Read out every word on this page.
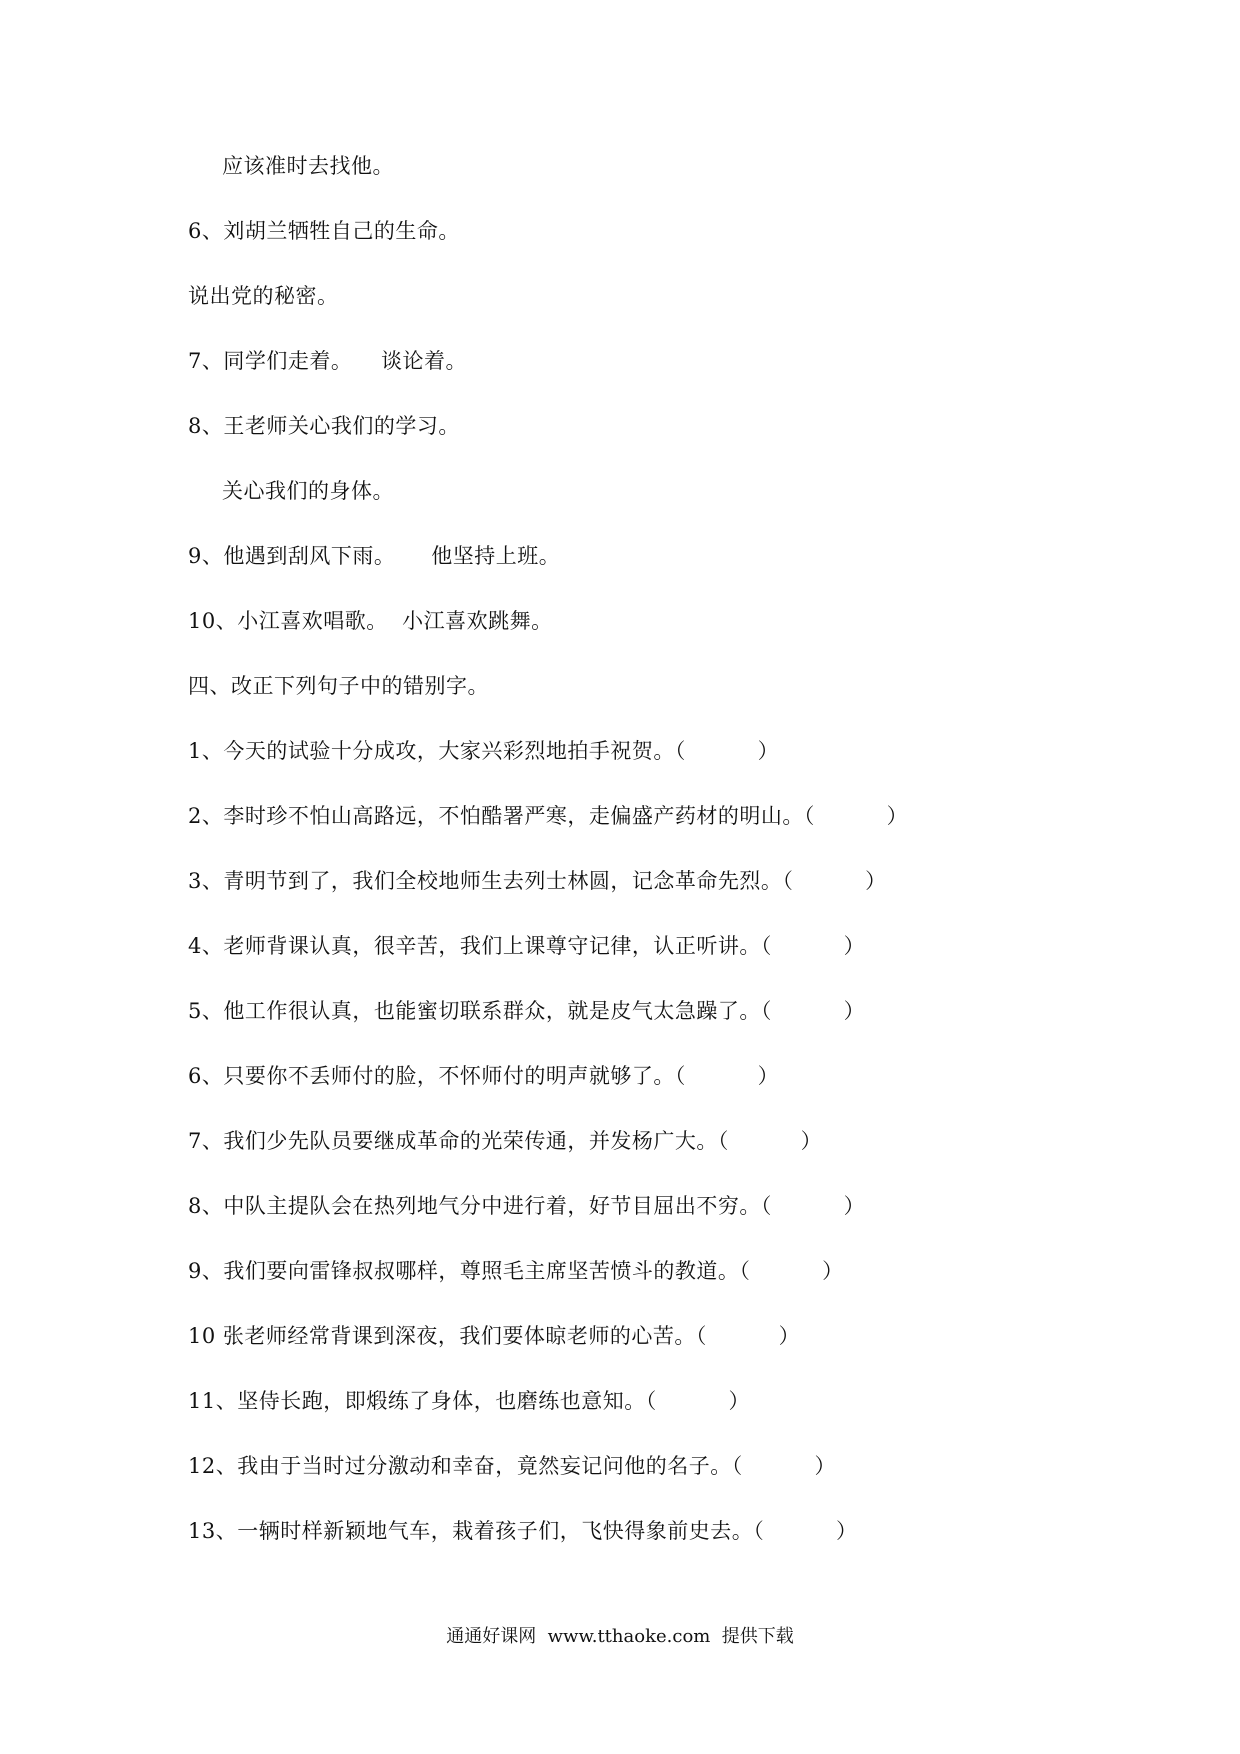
应该准时去找他。
6、刘胡兰牺牲自己的生命。
说出党的秘密。
7、同学们走着。    谈论着。
8、王老师关心我们的学习。
关心我们的身体。
9、他遇到刮风下雨。     他坚持上班。
10、小江喜欢唱歌。  小江喜欢跳舞。
四、改正下列句子中的错别字。
1、今天的试验十分成攻，大家兴彩烈地拍手祝贺。（          ）
2、李时珍不怕山高路远，不怕酷署严寒，走偏盛产药材的明山。（          ）
3、青明节到了，我们全校地师生去列士林圆，记念革命先烈。（          ）
4、老师背课认真，很辛苦，我们上课尊守记律，认正听讲。（          ）
5、他工作很认真，也能蜜切联系群众，就是皮气太急躁了。（          ）
6、只要你不丢师付的脸，不怀师付的明声就够了。（          ）
7、我们少先队员要继成革命的光荣传通，并发杨广大。（          ）
8、中队主提队会在热列地气分中进行着，好节目屈出不穷。（          ）
9、我们要向雷锋叔叔哪样，尊照毛主席坚苦愤斗的教道。（          ）
10 张老师经常背课到深夜，我们要体晾老师的心苦。（          ）
11、坚侍长跑，即煅练了身体，也磨练也意知。（          ）
12、我由于当时过分激动和幸奋，竟然妄记问他的名子。（          ）
13、一辆时样新颖地气车，栽着孩子们，飞快得象前史去。（          ）
通通好课网  www.tthaoke.com  提供下载
